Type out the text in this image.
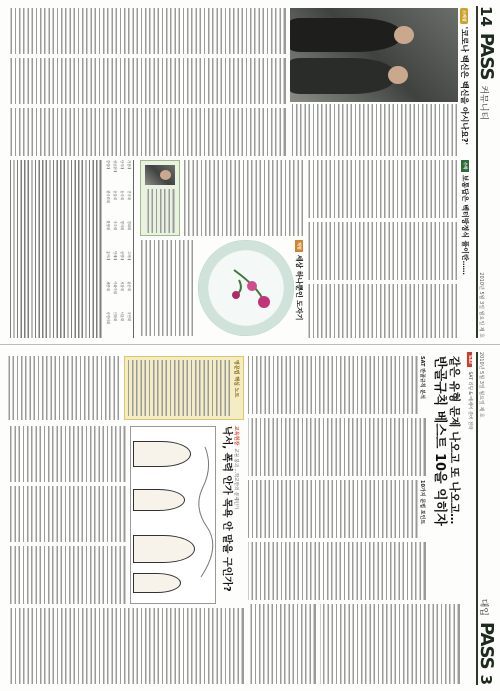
14
PASS
커뮤니티
2010년 5월 3일 월요일 제 호
스페셜
'코로나 백신은 백신을 아시나요?'
수학
보통답은 벡터방정식 풀이란……
체험
세상 하나뿐인 도자기
가천대
건국대
경희대
고려대
광운대
국민대
단국대
동국대
명지대
상명대
서강대
서울대
성균관대
숭실대
아주대
연세대
이화여대
인하대
중앙대
한국외대
한양대
홍익대
세종대
숙명여대
2010년 5월 3일 월요일 제 호
대입
PASS
3
SAT
SAT 리딩 & 에세이 준비 전략
같은 유형 문제 나오고 또 나오고…
반골규칙 베스트 10을 익히자
SAT 반골규칙 분석
10가지 문법 포인트
영문법 핵심 노트
교육현장
교권 붕괴 …학교만의 문제인가
낙서, 폭력 안가 목욕 안 맡을 구인가?
